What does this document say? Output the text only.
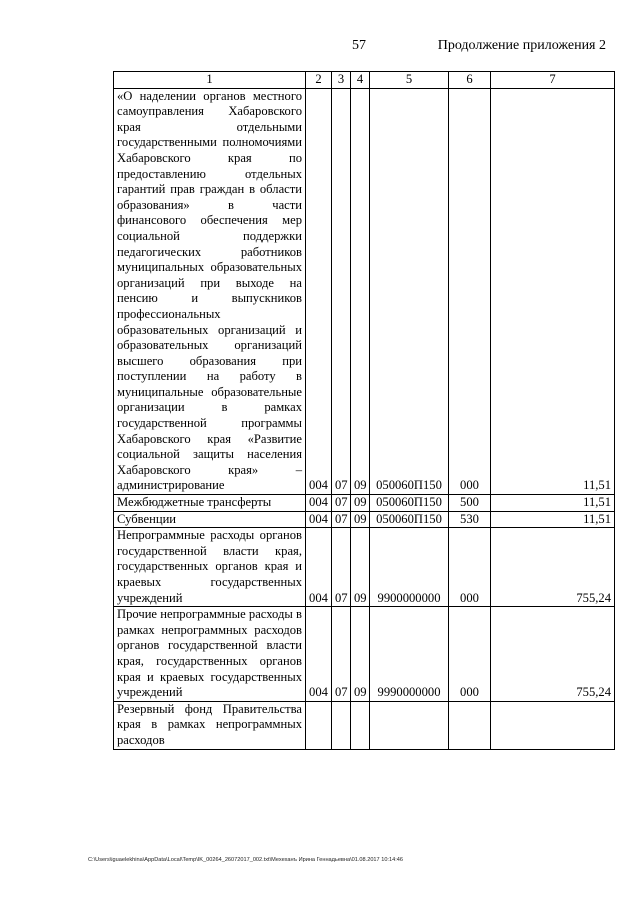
57	Продолжение приложения 2
1	2	3	4	5	6	7
«О наделении органов местного самоуправления Хабаровского края отдельными государственными полномочиями Хабаровского края по предоставлению отдельных гарантий прав граждан в области образования» в части финансового обеспечения мер социальной поддержки педагогических работников муниципальных образовательных организаций при выходе на пенсию и выпускников профессиональных образовательных организаций и образовательных организаций высшего образования при поступлении на работу в муниципальные образовательные организации в рамках государственной программы Хабаровского края «Развитие социальной защиты населения Хабаровского края» – администрирование	004	07	09	050060П150	000	11,51
Межбюджетные трансферты	004	07	09	050060П150	500	11,51
Субвенции	004	07	09	050060П150	530	11,51
Непрограммные расходы органов государственной власти края, государственных органов края и краевых государственных учреждений	004	07	09	9900000000	000	755,24
Прочие непрограммные расходы в рамках непрограммных расходов органов государственной власти края, государственных органов края и краевых государственных учреждений	004	07	09	9990000000	000	755,24
Резервный фонд Правительства края в рамках непрограммных расходов						
C:\Users\iguaelekhina\AppData\Local\Temp\IK_00264_26072017_002.txt\Мехеханъ Ирина Геннадьевна\01.08.2017 10:14:46
